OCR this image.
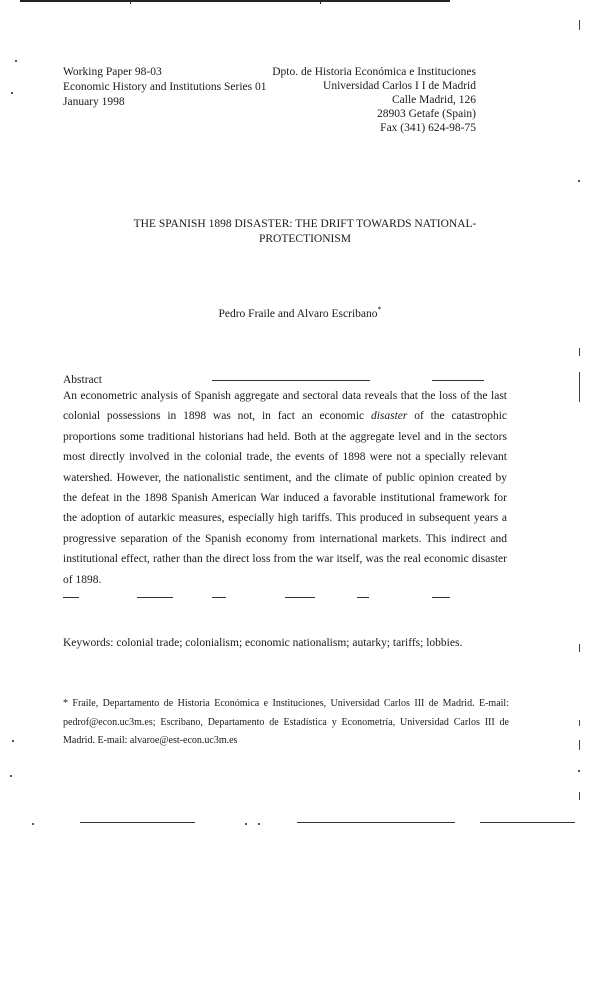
Working Paper 98-03
Economic History and Institutions Series 01
January 1998
Dpto. de Historia Económica e Instituciones
Universidad Carlos I I de Madrid
Calle Madrid, 126
28903 Getafe (Spain)
Fax (341) 624-98-75
THE SPANISH 1898 DISASTER: THE DRIFT TOWARDS NATIONAL-
PROTECTIONISM
Pedro Fraile and Alvaro Escribano*
Abstract
An econometric analysis of Spanish aggregate and sectoral data reveals that the loss of the last colonial possessions in 1898 was not, in fact an economic disaster of the catastrophic proportions some traditional historians had held. Both at the aggregate level and in the sectors most directly involved in the colonial trade, the events of 1898 were not a specially relevant watershed. However, the nationalistic sentiment, and the climate of public opinion created by the defeat in the 1898 Spanish American War induced a favorable institutional framework for the adoption of autarkic measures, especially high tariffs. This produced in subsequent years a progressive separation of the Spanish economy from international markets. This indirect and institutional effect, rather than the direct loss from the war itself, was the real economic disaster of 1898.
Keywords: colonial trade; colonialism; economic nationalism; autarky; tariffs; lobbies.
* Fraile, Departamento de Historia Económica e Instituciones, Universidad Carlos III de Madrid. E-mail: pedrof@econ.uc3m.es; Escribano, Departamento de Estadística y Econometría, Universidad Carlos III de Madrid. E-mail: alvaroe@est-econ.uc3m.es
